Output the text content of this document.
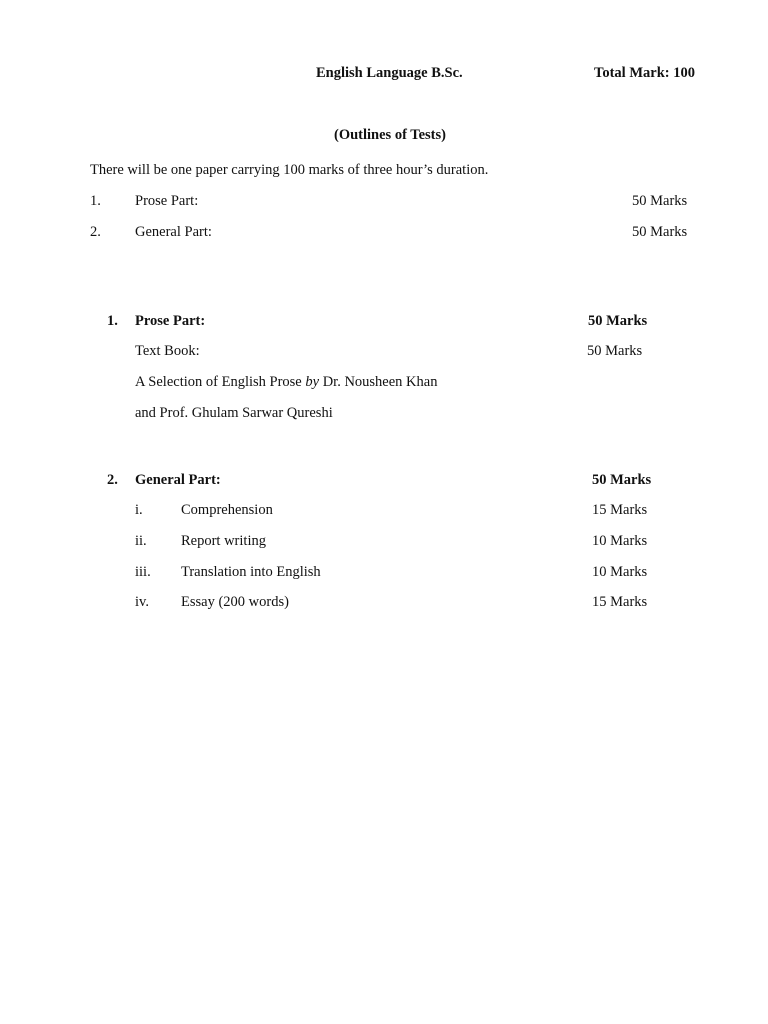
English Language B.Sc.	Total Mark: 100
(Outlines of Tests)
There will be one paper carrying 100 marks of three hour’s duration.
1. Prose Part:	50 Marks
2. General Part:	50 Marks
1. Prose Part:	50 Marks
Text Book:	50 Marks
A Selection of English Prose by Dr. Nousheen Khan
and Prof. Ghulam Sarwar Qureshi
2. General Part:	50 Marks
i.	Comprehension	15 Marks
ii. Report writing	10 Marks
iii. Translation into English	10 Marks
iv. Essay (200 words)	15 Marks
